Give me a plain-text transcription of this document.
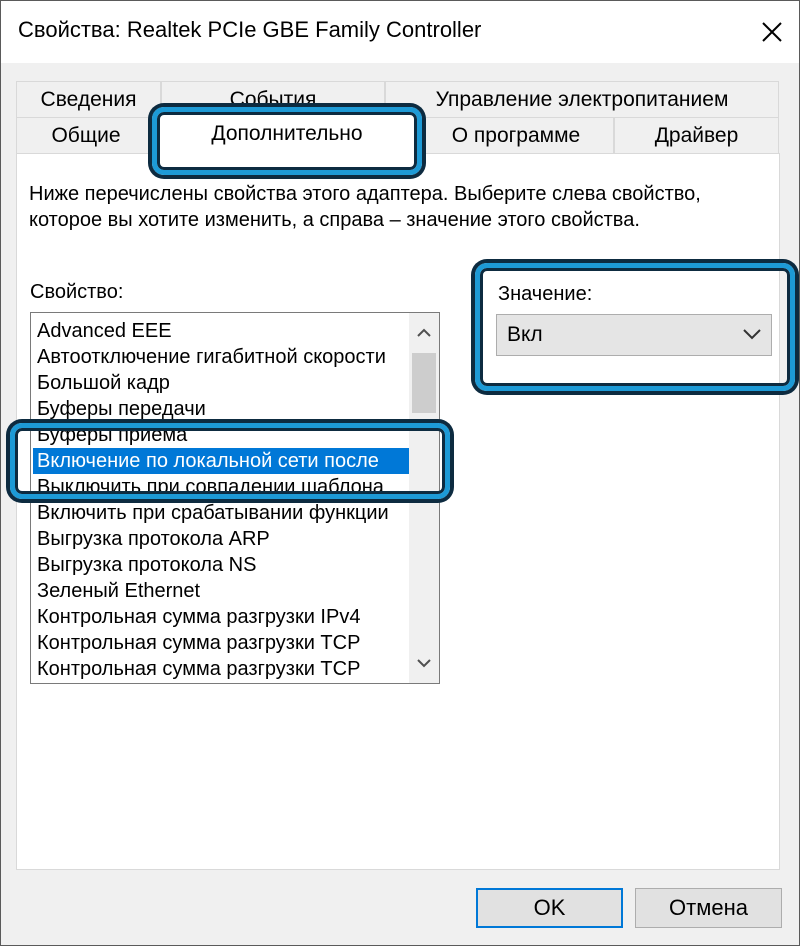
Свойства: Realtek PCIe GBE Family Controller
Сведения	События	Управление электропитанием
Общие	Дополнительно	О программе	Драйвер
Ниже перечислены свойства этого адаптера. Выберите слева свойство, которое вы хотите изменить, а справа – значение этого свойства.
Свойство:
Advanced EEE
Автоотключение гигабитной скорости
Большой кадр
Буферы передачи
Буферы приема
Включение по локальной сети после
Выключить при совпадении шаблона
Включить при срабатывании функции
Выгрузка протокола ARP
Выгрузка протокола NS
Зеленый Ethernet
Контрольная сумма разгрузки IPv4
Контрольная сумма разгрузки TCP
Контрольная сумма разгрузки TCP
Значение:
Вкл
OK	Отмена
